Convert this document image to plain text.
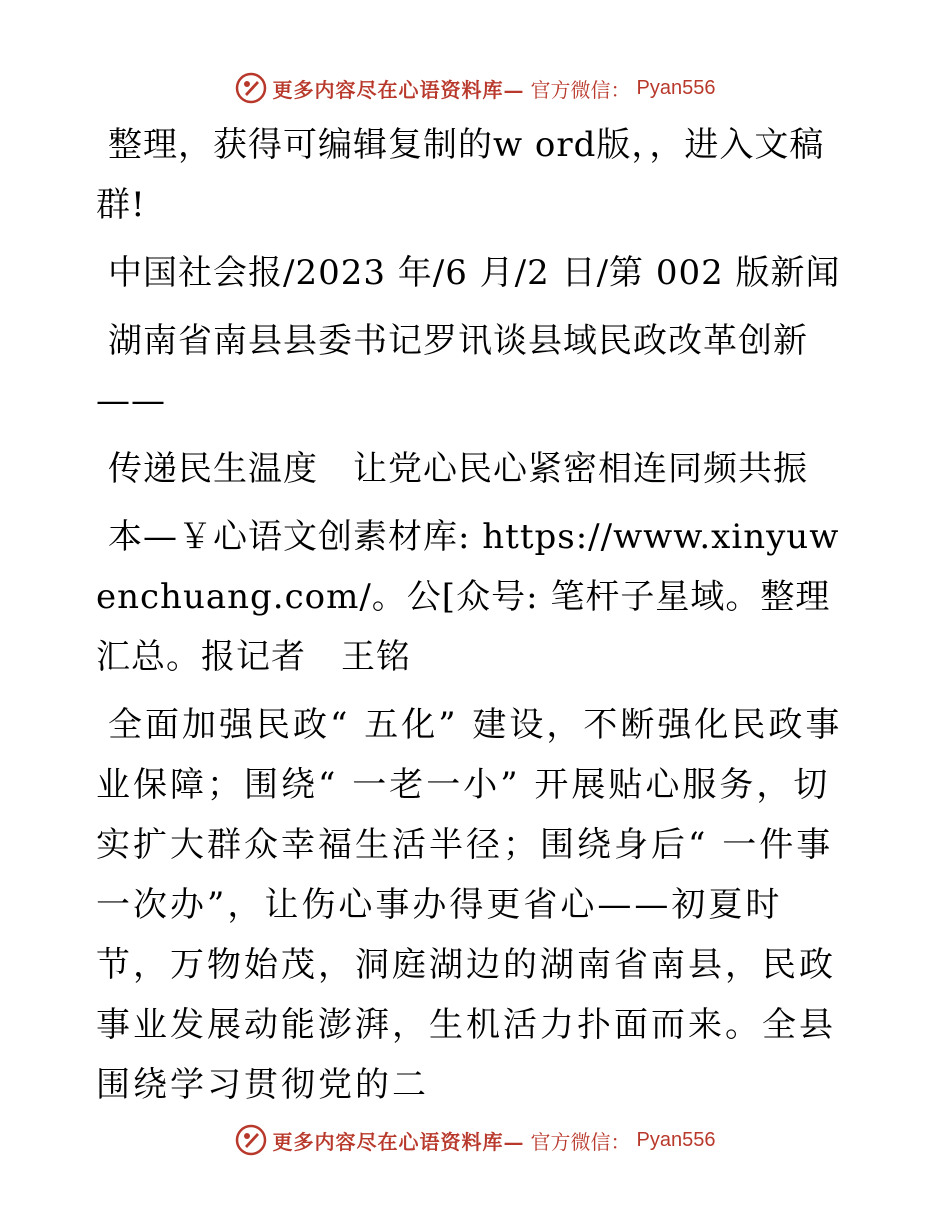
更多内容尽在心语资料库— 官方微信： Pyan556

整理，获得可编辑复制的w ord版，，进入文稿群!

中国社会报/2023 年/6 月/2 日/第 002 版新闻

湖南省南县县委书记罗讯谈县域民政改革创新——

传递民生温度　让党心民心紧密相连同频共振

本—￥心语文创素材库: https://www.xinyuwenchuang.com/。公[众号: 笔杆子星域。整理汇总。报记者　王铭

全面加强民政“ 五化” 建设，不断强化民政事业保障；围绕“ 一老一小” 开展贴心服务，切实扩大群众幸福生活半径；围绕身后“ 一件事一次办”，让伤心事办得更省心——初夏时节，万物始茂，洞庭湖边的湖南省南县，民政事业发展动能澎湃，生机活力扑面而来。全县围绕学习贯彻党的二

更多内容尽在心语资料库— 官方微信： Pyan556
